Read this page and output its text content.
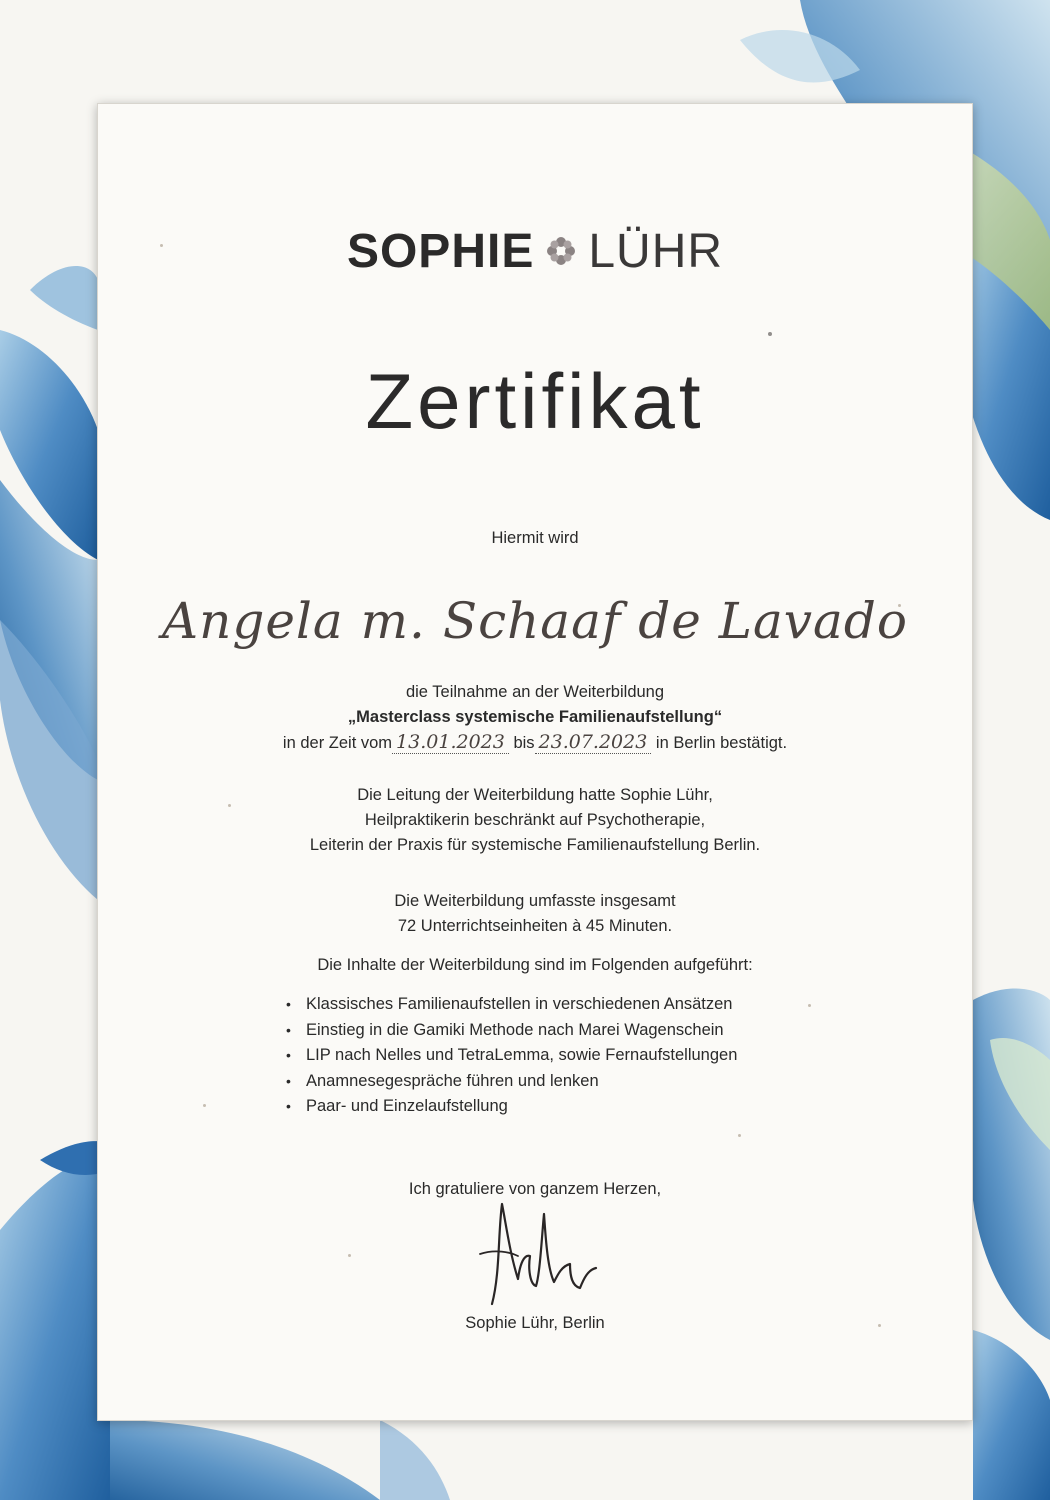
SOPHIE LÜHR
Zertifikat
Hiermit wird
Angela m. Schaaf de Lavado
die Teilnahme an der Weiterbildung
„Masterclass systemische Familienaufstellung“
in der Zeit vom 13.01.2023 bis 23.07.2023 in Berlin bestätigt.
Die Leitung der Weiterbildung hatte Sophie Lühr,
Heilpraktikerin beschränkt auf Psychotherapie,
Leiterin der Praxis für systemische Familienaufstellung Berlin.
Die Weiterbildung umfasste insgesamt
72 Unterrichtseinheiten à 45 Minuten.
Die Inhalte der Weiterbildung sind im Folgenden aufgeführt:
• Klassisches Familienaufstellen in verschiedenen Ansätzen
• Einstieg in die Gamiki Methode nach Marei Wagenschein
• LIP nach Nelles und TetraLemma, sowie Fernaufstellungen
• Anamnesegespräche führen und lenken
• Paar- und Einzelaufstellung
Ich gratuliere von ganzem Herzen,
Sophie Lühr, Berlin
